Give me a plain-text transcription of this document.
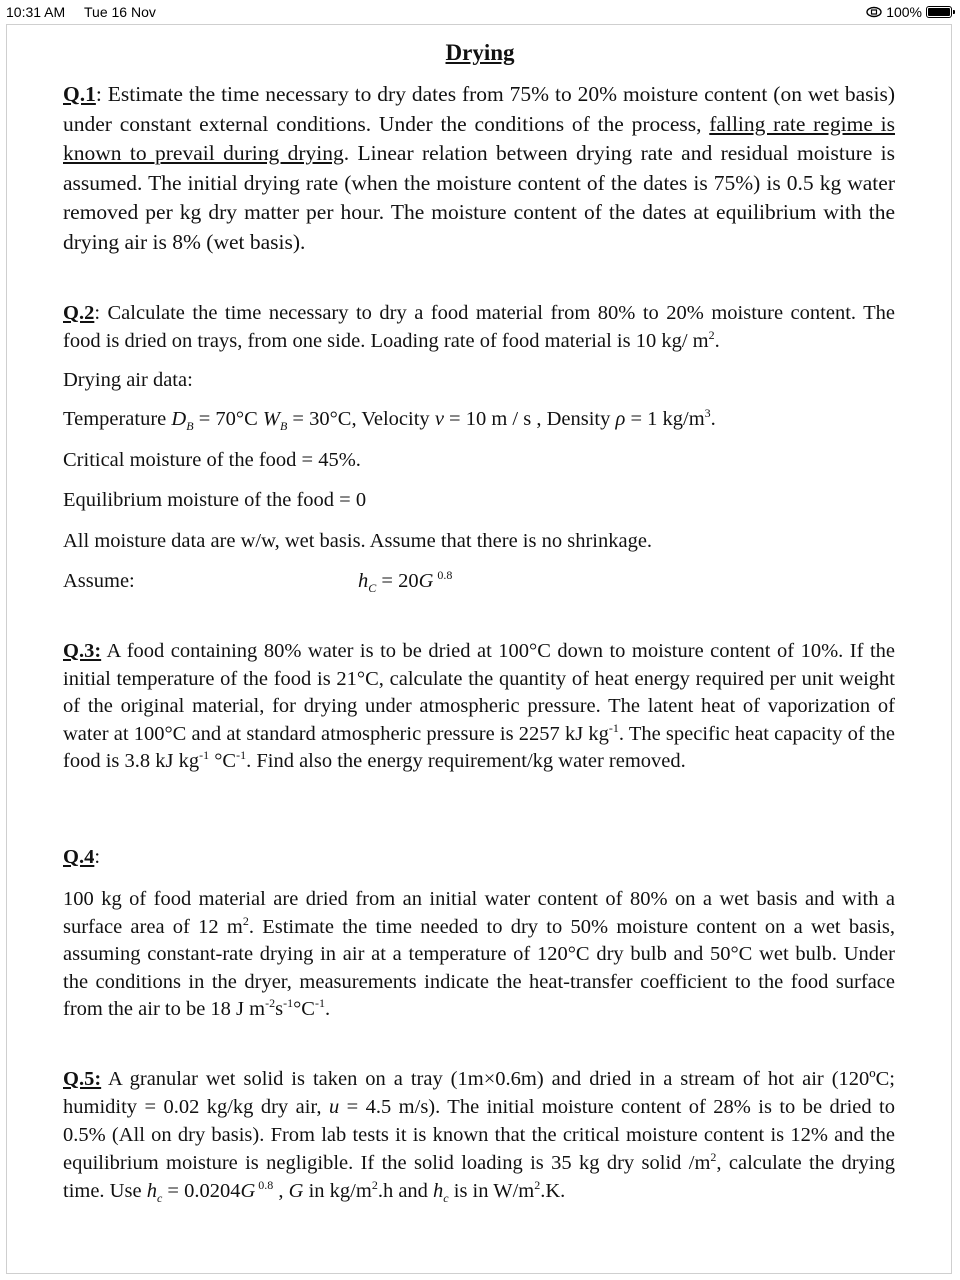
10:31 AM Tue 16 Nov	100%
Drying

Q.1: Estimate the time necessary to dry dates from 75% to 20% moisture content (on wet basis) under constant external conditions. Under the conditions of the process, falling rate regime is known to prevail during drying. Linear relation between drying rate and residual moisture is assumed. The initial drying rate (when the moisture content of the dates is 75%) is 0.5 kg water removed per kg dry matter per hour. The moisture content of the dates at equilibrium with the drying air is 8% (wet basis).

Q.2: Calculate the time necessary to dry a food material from 80% to 20% moisture content. The food is dried on trays, from one side. Loading rate of food material is 10 kg/ $m^2$.

Drying air data:

Temperature $D_B = 70^\circ C$ $W_B = 30^\circ C$, Velocity v = 10 m / s , Density ρ = 1 $kg/m^3$.

Critical moisture of the food = 45%.

Equilibrium moisture of the food = 0

All moisture data are w/w, wet basis. Assume that there is no shrinkage.

Assume:	$h_C = 20G$ $^{0.8}$

Q.3: A food containing 80% water is to be dried at 100°C down to moisture content of 10%. If the initial temperature of the food is 21°C, calculate the quantity of heat energy required per unit weight of the original material, for drying under atmospheric pressure. The latent heat of vaporization of water at 100°C and at standard atmospheric pressure is 2257 kJ $kg^{-1}$. The specific heat capacity of the food is 3.8 kJ $kg^{-1}$ $^\circ C^{-1}$. Find also the energy requirement/kg water removed.

Q.4:

100 kg of food material are dried from an initial water content of 80% on a wet basis and with a surface area of 12 $m^2$. Estimate the time needed to dry to 50% moisture content on a wet basis, assuming constant-rate drying in air at a temperature of 120°C dry bulb and 50°C wet bulb. Under the conditions in the dryer, measurements indicate the heat-transfer coefficient to the food surface from the air to be 18 J $m^{-2}s^{-1}^\circ C^{-1}$.

Q.5: A granular wet solid is taken on a tray (1m×0.6m) and dried in a stream of hot air (120ºC; humidity = 0.02 kg/kg dry air, u = 4.5 m/s). The initial moisture content of 28% is to be dried to 0.5% (All on dry basis). From lab tests it is known that the critical moisture content is 12% and the equilibrium moisture is negligible. If the solid loading is 35 kg dry solid $/m^2$, calculate the drying time. Use $h_c = 0.0204G$ $^{0.8}$ , G in $kg/m^2.h$ and $h_c$ is in $W/m^2.K$.
